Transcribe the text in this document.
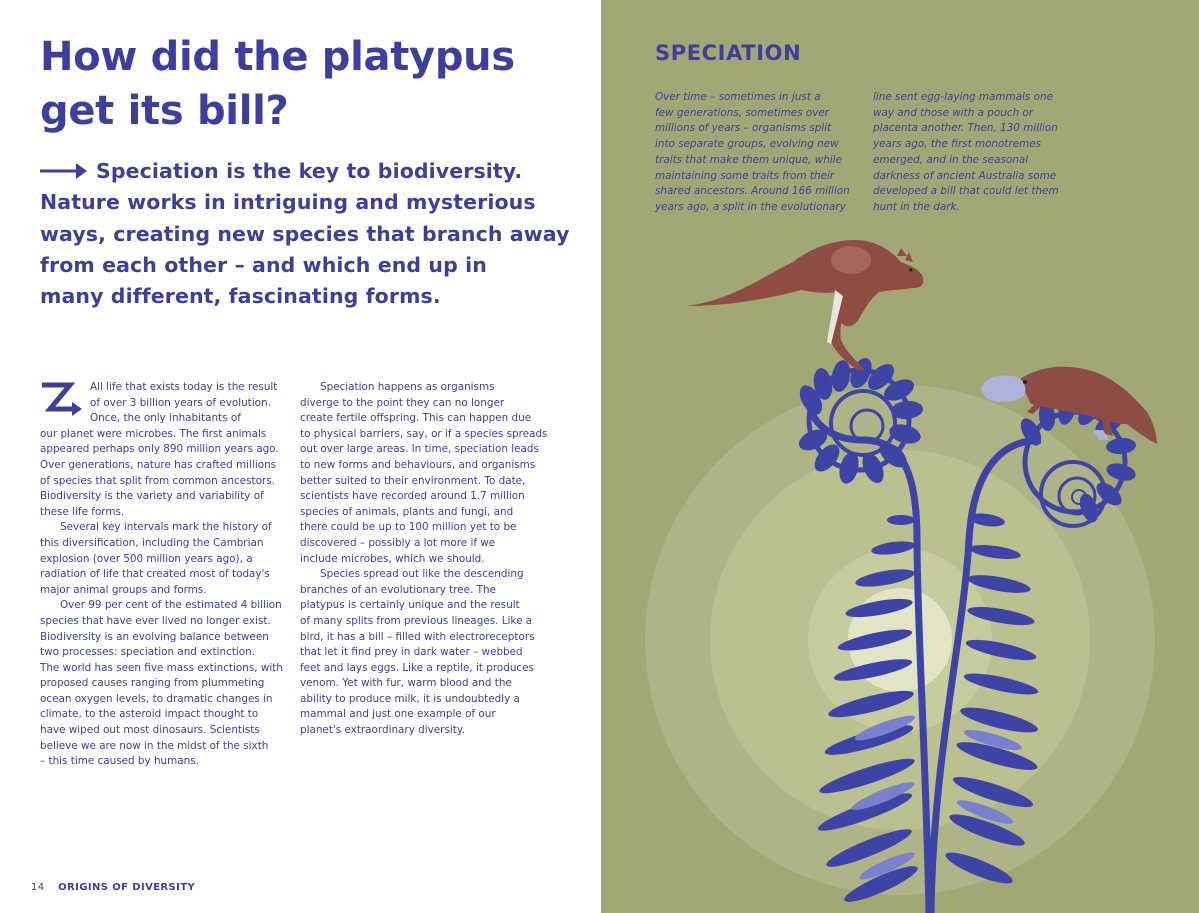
How did the platypus
get its bill?

Speciation is the key to biodiversity.
Nature works in intriguing and mysterious
ways, creating new species that branch away
from each other – and which end up in
many different, fascinating forms.

All life that exists today is the result
of over 3 billion years of evolution.
Once, the only inhabitants of
our planet were microbes. The first animals
appeared perhaps only 890 million years ago.
Over generations, nature has crafted millions
of species that split from common ancestors.
Biodiversity is the variety and variability of
these life forms.

Several key intervals mark the history of
this diversification, including the Cambrian
explosion (over 500 million years ago), a
radiation of life that created most of today's
major animal groups and forms.

Over 99 per cent of the estimated 4 billion
species that have ever lived no longer exist.
Biodiversity is an evolving balance between
two processes: speciation and extinction.
The world has seen five mass extinctions, with
proposed causes ranging from plummeting
ocean oxygen levels, to dramatic changes in
climate, to the asteroid impact thought to
have wiped out most dinosaurs. Scientists
believe we are now in the midst of the sixth
– this time caused by humans.

Speciation happens as organisms
diverge to the point they can no longer
create fertile offspring. This can happen due
to physical barriers, say, or if a species spreads
out over large areas. In time, speciation leads
to new forms and behaviours, and organisms
better suited to their environment. To date,
scientists have recorded around 1.7 million
species of animals, plants and fungi, and
there could be up to 100 million yet to be
discovered – possibly a lot more if we
include microbes, which we should.

Species spread out like the descending
branches of an evolutionary tree. The
platypus is certainly unique and the result
of many splits from previous lineages. Like a
bird, it has a bill – filled with electroreceptors
that let it find prey in dark water – webbed
feet and lays eggs. Like a reptile, it produces
venom. Yet with fur, warm blood and the
ability to produce milk, it is undoubtedly a
mammal and just one example of our
planet's extraordinary diversity.

14 ORIGINS OF DIVERSITY
SPECIATION
Over time – sometimes in just a
few generations, sometimes over
millions of years – organisms split
into separate groups, evolving new
traits that make them unique, while
maintaining some traits from their
shared ancestors. Around 166 million
years ago, a split in the evolutionary
line sent egg-laying mammals one
way and those with a pouch or
placenta another. Then, 130 million
years ago, the first monotremes
emerged, and in the seasonal
darkness of ancient Australia some
developed a bill that could let them
hunt in the dark.
